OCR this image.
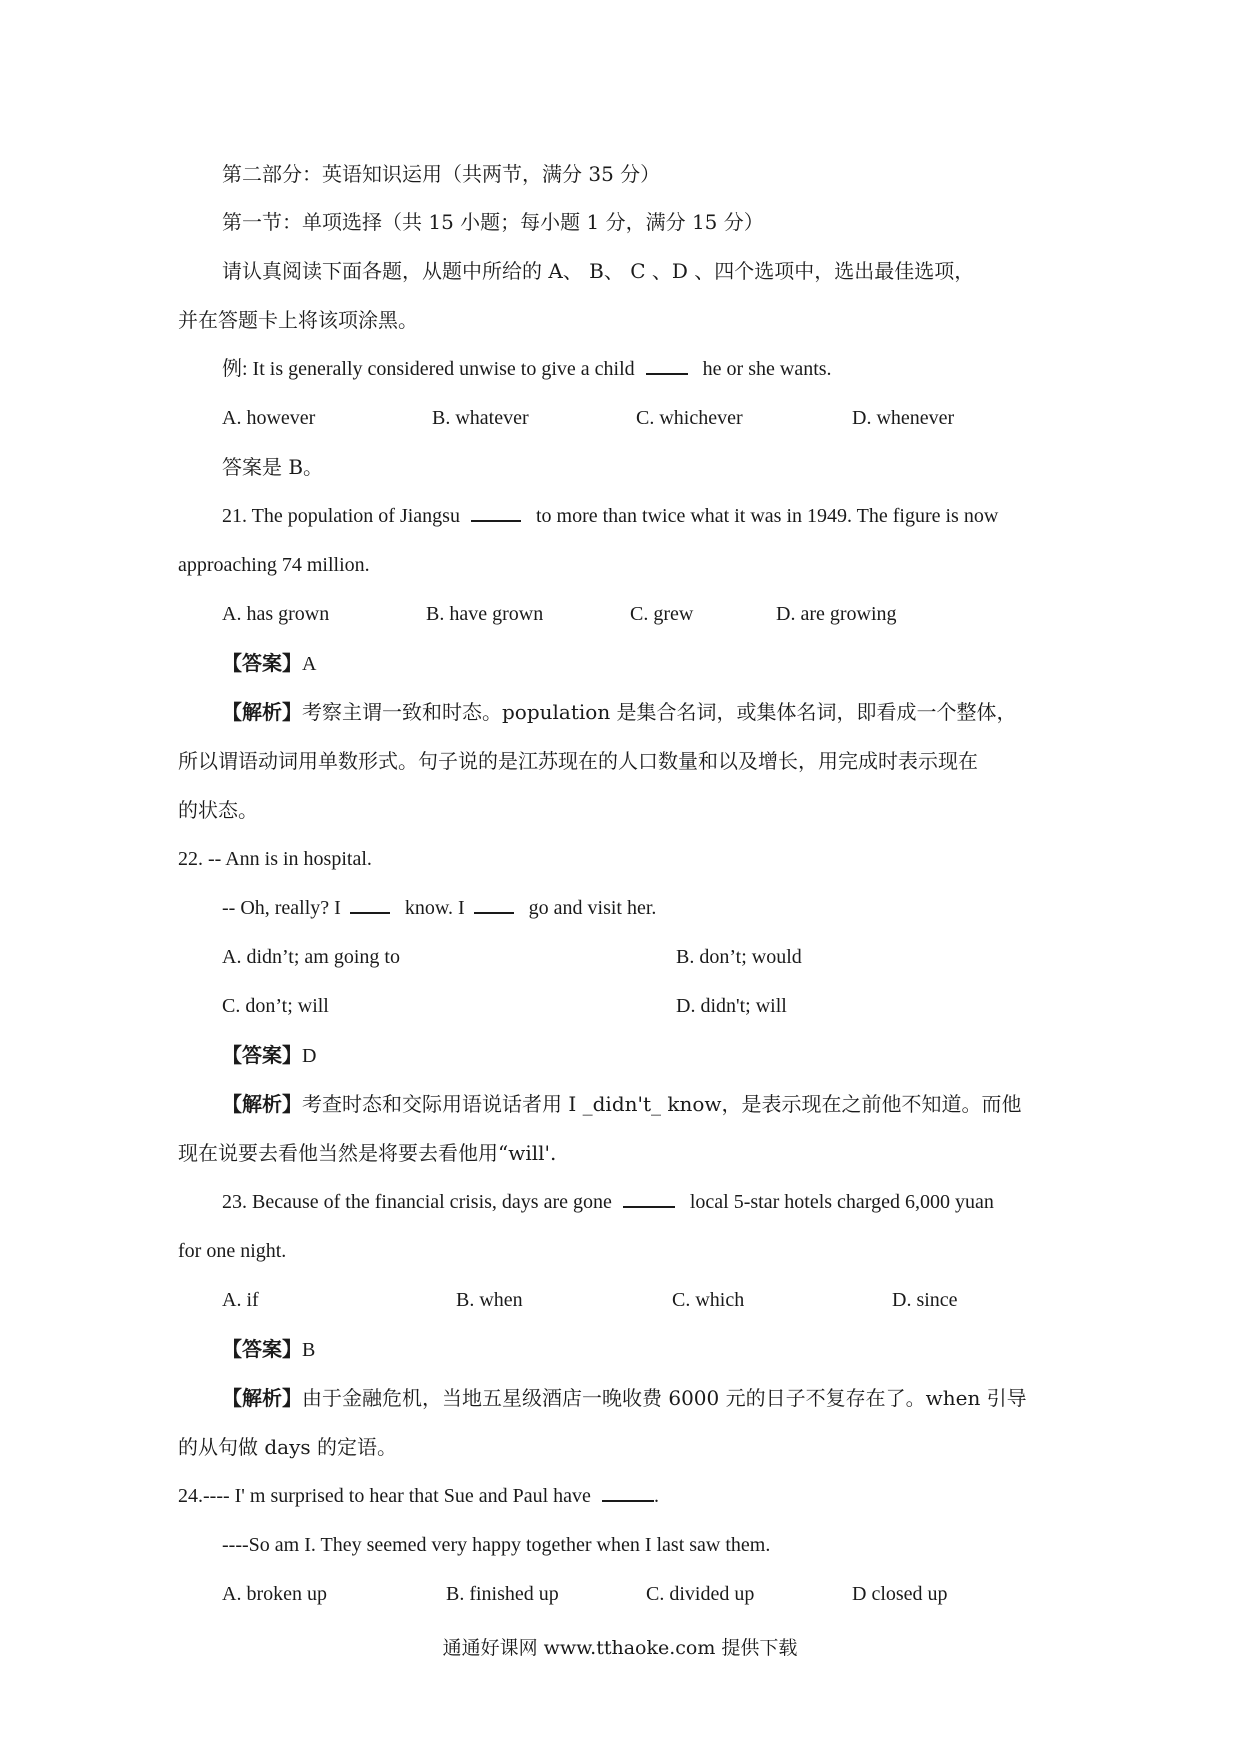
第二部分：英语知识运用（共两节，满分 35 分）
第一节：单项选择（共 15 小题；每小题 1 分，满分 15 分）
请认真阅读下面各题，从题中所给的 A、 B、 C 、D 、四个选项中，选出最佳选项，
并在答题卡上将该项涂黑。
例: It is generally considered unwise to give a child	he or she wants.
A. however	B. whatever	C. whichever	D. whenever
答案是 B。
21. The population of Jiangsu	to more than twice what it was in 1949. The figure is now
approaching 74 million.
A. has grown	B. have grown	C. grew	D. are growing
【答案】A
【解析】考察主谓一致和时态。population 是集合名词，或集体名词，即看成一个整体，
所以谓语动词用单数形式。句子说的是江苏现在的人口数量和以及增长，用完成时表示现在
的状态。
22. -- Ann is in hospital.
-- Oh, really? I	know. I	go and visit her.
A. didn’t; am going to	B. don’t; would
C. don’t; will	D. didn't; will
【答案】D
【解析】考查时态和交际用语说话者用 I _didn't_ know，是表示现在之前他不知道。而他
现在说要去看他当然是将要去看他用“will'.
23. Because of the financial crisis, days are gone	local 5-star hotels charged 6,000 yuan
for one night.
A. if	B. when	C. which	D. since
【答案】B
【解析】由于金融危机，当地五星级酒店一晚收费 6000 元的日子不复存在了。when 引导
的从句做 days 的定语。
24.---- I' m surprised to hear that Sue and Paul have	.
----So am I. They seemed very happy together when I last saw them.
A. broken up	B. finished up	C. divided up	D closed up
通通好课网 www.tthaoke.com 提供下载
